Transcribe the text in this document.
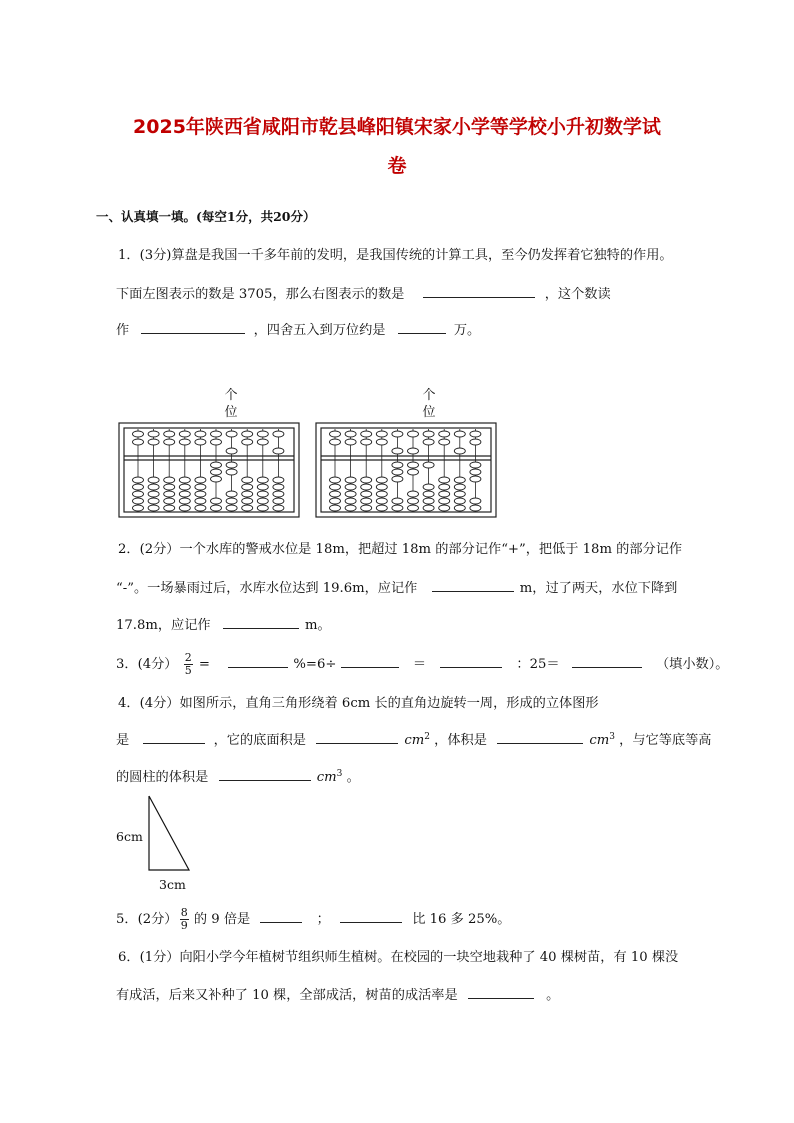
2025年陕西省咸阳市乾县峰阳镇宋家小学等学校小升初数学试
卷
一、认真填一填。(每空1分，共20分）
1．(3分)算盘是我国一千多年前的发明，是我国传统的计算工具，至今仍发挥着它独特的作用。
下面左图表示的数是 3705，那么右图表示的数是	，这个数读
作	，四舍五入到万位约是	万。
个
位
个
位
2．(2分）一个水库的警戒水位是 18m，把超过 18m 的部分记作“+”，把低于 18m 的部分记作
“-”。一场暴雨过后，水库水位达到 19.6m，应记作	m，过了两天，水位下降到
17.8m，应记作	m。
3．(4分） $\frac{2}{5}$ =	%=6÷	＝	：25＝	（填小数）。
4．(4分）如图所示，直角三角形绕着 6cm 长的直角边旋转一周，形成的立体图形
是	，它的底面积是	$cm^2$ ，体积是	$cm^3$ ，与它等底等高
的圆柱的体积是	$cm^3$ 。
6cm
3cm
5．(2分） $\frac{8}{9}$ 的 9 倍是	；	比 16 多 25%。
6．(1分）向阳小学今年植树节组织师生植树。在校园的一块空地栽种了 40 棵树苗，有 10 棵没
有成活，后来又补种了 10 棵，全部成活，树苗的成活率是	。
